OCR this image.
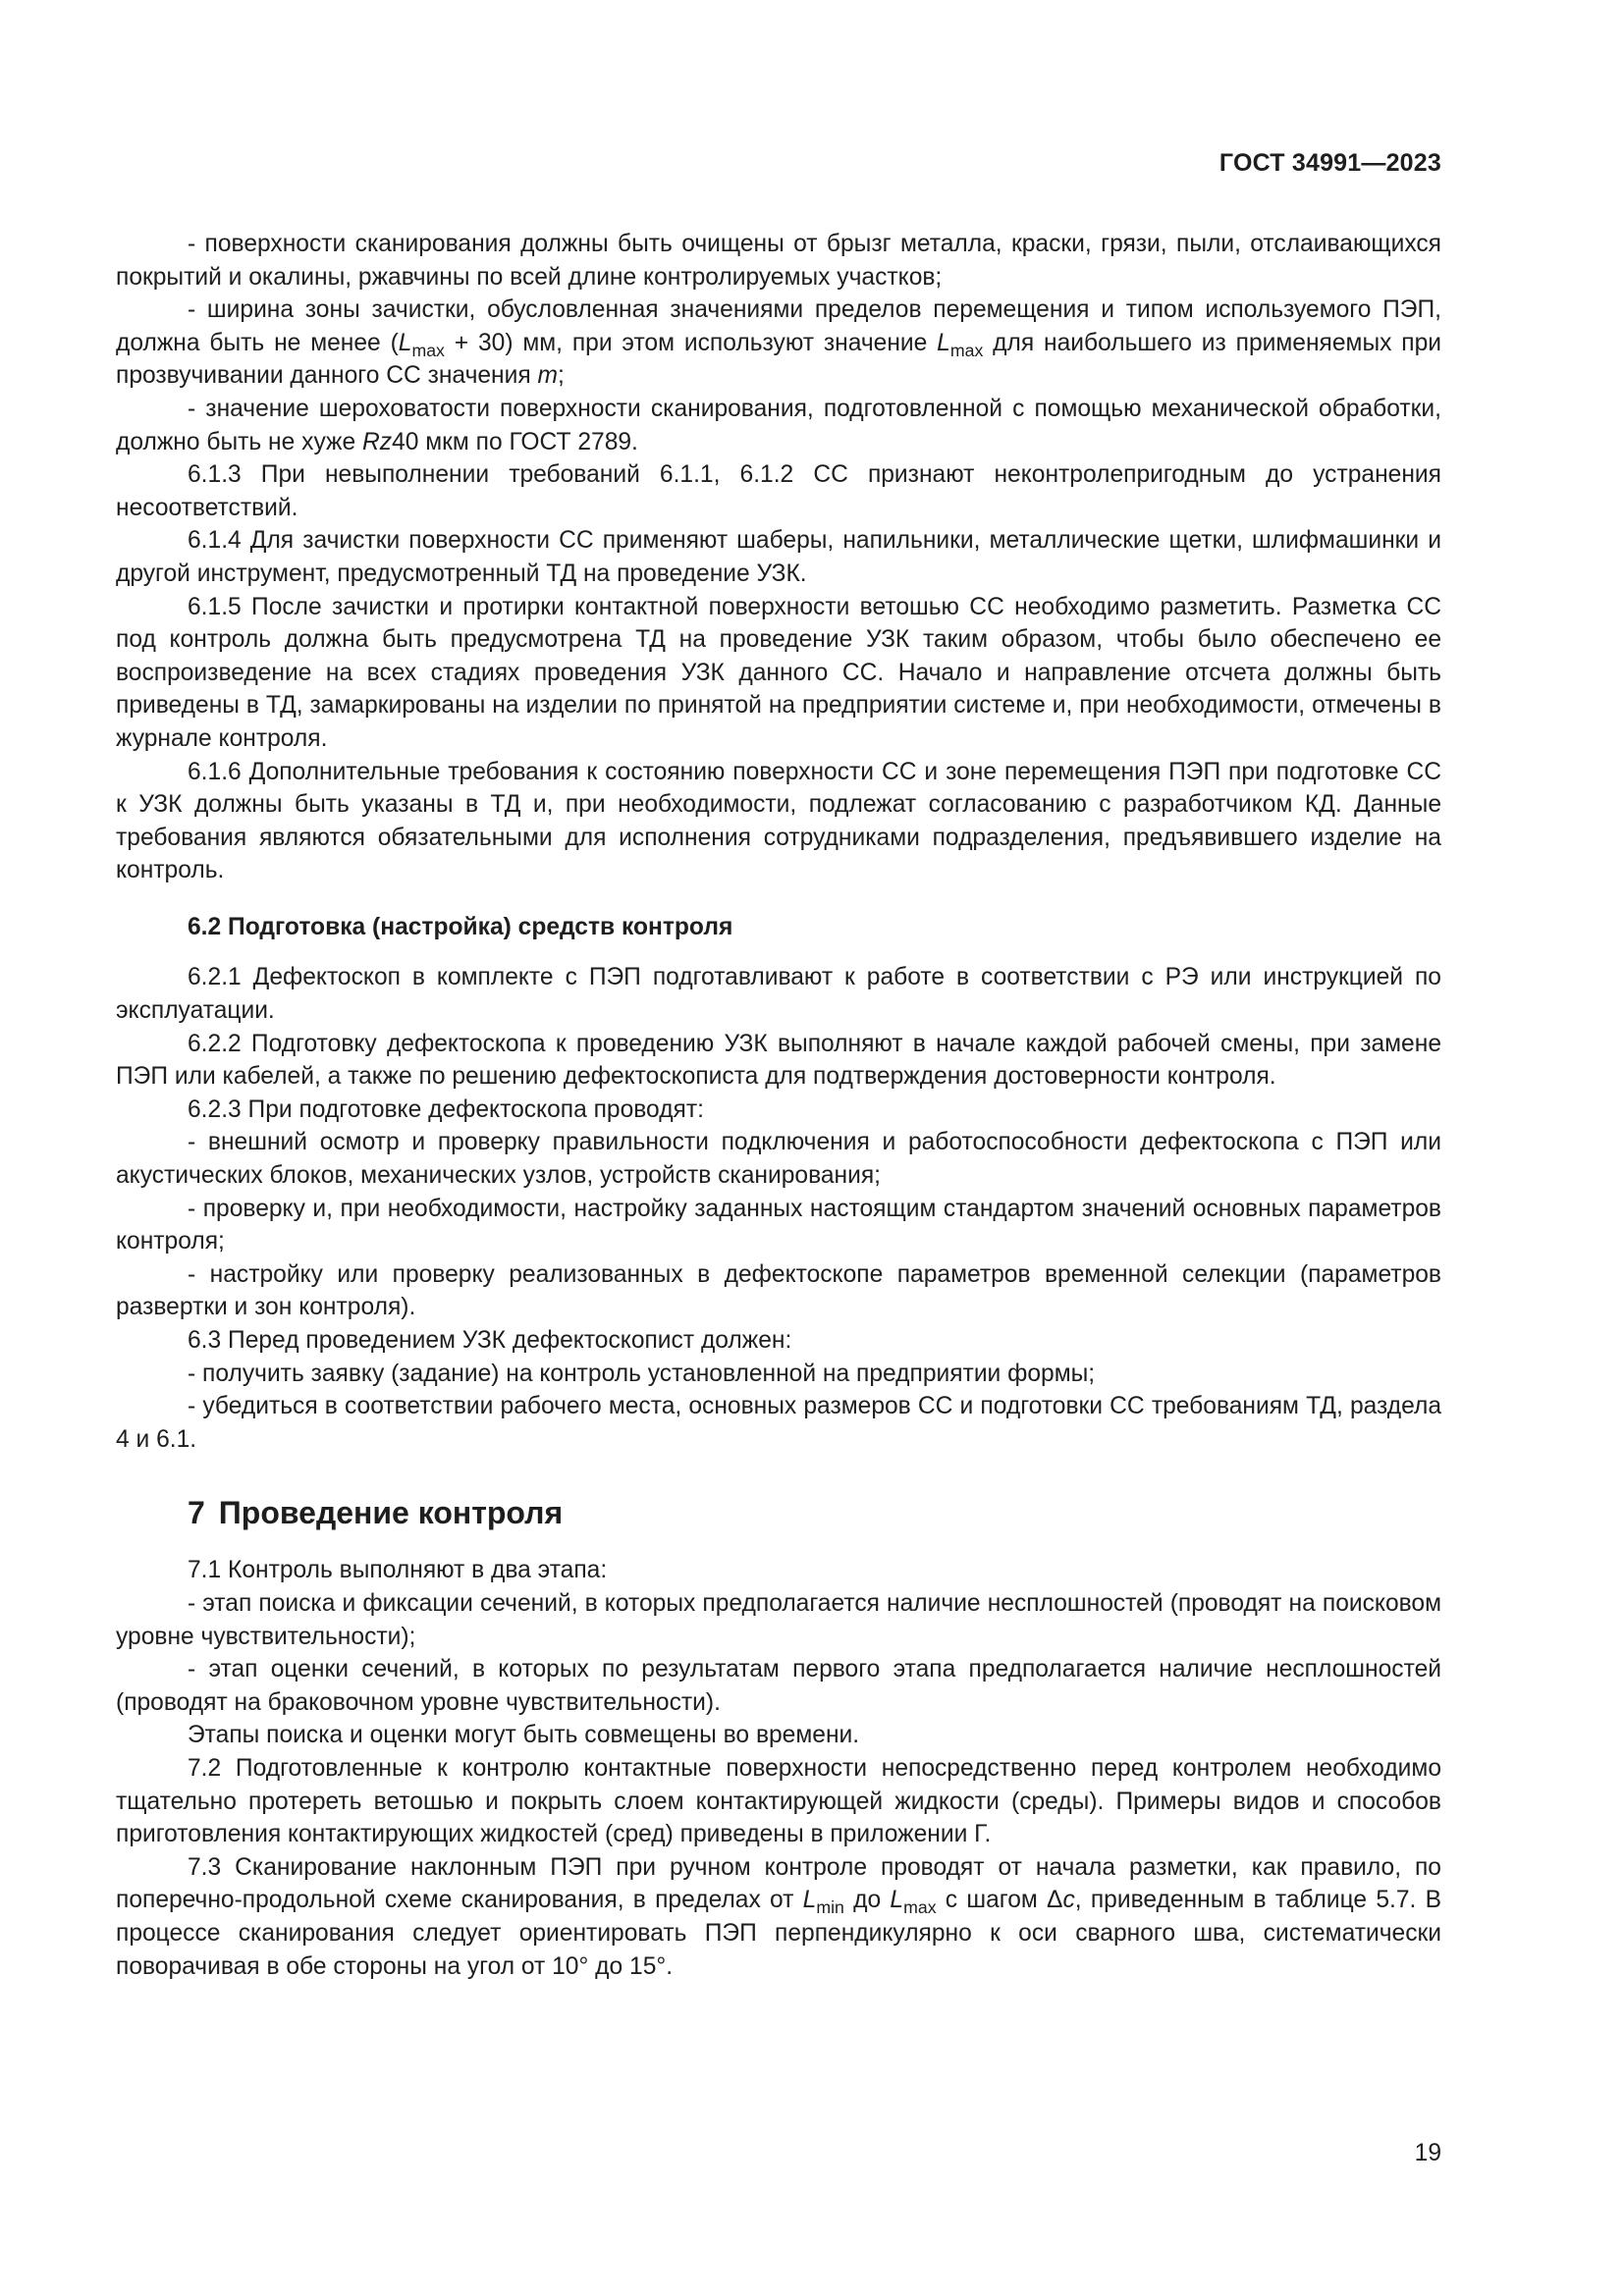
ГОСТ 34991—2023

- поверхности сканирования должны быть очищены от брызг металла, краски, грязи, пыли, отслаивающихся покрытий и окалины, ржавчины по всей длине контролируемых участков;

- ширина зоны зачистки, обусловленная значениями пределов перемещения и типом используемого ПЭП, должна быть не менее $(L_{max} + 30)$ мм, при этом используют значение $L_{max}$ для наибольшего из применяемых при прозвучивании данного СС значения m;

- значение шероховатости поверхности сканирования, подготовленной с помощью механической обработки, должно быть не хуже Rz40 мкм по ГОСТ 2789.

6.1.3 При невыполнении требований 6.1.1, 6.1.2 СС признают неконтролепригодным до устранения несоответствий.

6.1.4 Для зачистки поверхности СС применяют шаберы, напильники, металлические щетки, шлифмашинки и другой инструмент, предусмотренный ТД на проведение УЗК.

6.1.5 После зачистки и протирки контактной поверхности ветошью СС необходимо разметить. Разметка СС под контроль должна быть предусмотрена ТД на проведение УЗК таким образом, чтобы было обеспечено ее воспроизведение на всех стадиях проведения УЗК данного СС. Начало и направление отсчета должны быть приведены в ТД, замаркированы на изделии по принятой на предприятии системе и, при необходимости, отмечены в журнале контроля.

6.1.6 Дополнительные требования к состоянию поверхности СС и зоне перемещения ПЭП при подготовке СС к УЗК должны быть указаны в ТД и, при необходимости, подлежат согласованию с разработчиком КД. Данные требования являются обязательными для исполнения сотрудниками подразделения, предъявившего изделие на контроль.

6.2 Подготовка (настройка) средств контроля

6.2.1 Дефектоскоп в комплекте с ПЭП подготавливают к работе в соответствии с РЭ или инструкцией по эксплуатации.

6.2.2 Подготовку дефектоскопа к проведению УЗК выполняют в начале каждой рабочей смены, при замене ПЭП или кабелей, а также по решению дефектоскописта для подтверждения достоверности контроля.

6.2.3 При подготовке дефектоскопа проводят:

- внешний осмотр и проверку правильности подключения и работоспособности дефектоскопа с ПЭП или акустических блоков, механических узлов, устройств сканирования;

- проверку и, при необходимости, настройку заданных настоящим стандартом значений основных параметров контроля;

- настройку или проверку реализованных в дефектоскопе параметров временной селекции (параметров развертки и зон контроля).

6.3 Перед проведением УЗК дефектоскопист должен:

- получить заявку (задание) на контроль установленной на предприятии формы;

- убедиться в соответствии рабочего места, основных размеров СС и подготовки СС требованиям ТД, раздела 4 и 6.1.

7 Проведение контроля

7.1 Контроль выполняют в два этапа:

- этап поиска и фиксации сечений, в которых предполагается наличие несплошностей (проводят на поисковом уровне чувствительности);

- этап оценки сечений, в которых по результатам первого этапа предполагается наличие несплошностей (проводят на браковочном уровне чувствительности).

Этапы поиска и оценки могут быть совмещены во времени.

7.2 Подготовленные к контролю контактные поверхности непосредственно перед контролем необходимо тщательно протереть ветошью и покрыть слоем контактирующей жидкости (среды). Примеры видов и способов приготовления контактирующих жидкостей (сред) приведены в приложении Г.

7.3 Сканирование наклонным ПЭП при ручном контроле проводят от начала разметки, как правило, по поперечно-продольной схеме сканирования, в пределах от $L_{min}$ до $L_{max}$ с шагом Δc, приведенным в таблице 5.7. В процессе сканирования следует ориентировать ПЭП перпендикулярно к оси сварного шва, систематически поворачивая в обе стороны на угол от 10° до 15°.

19
